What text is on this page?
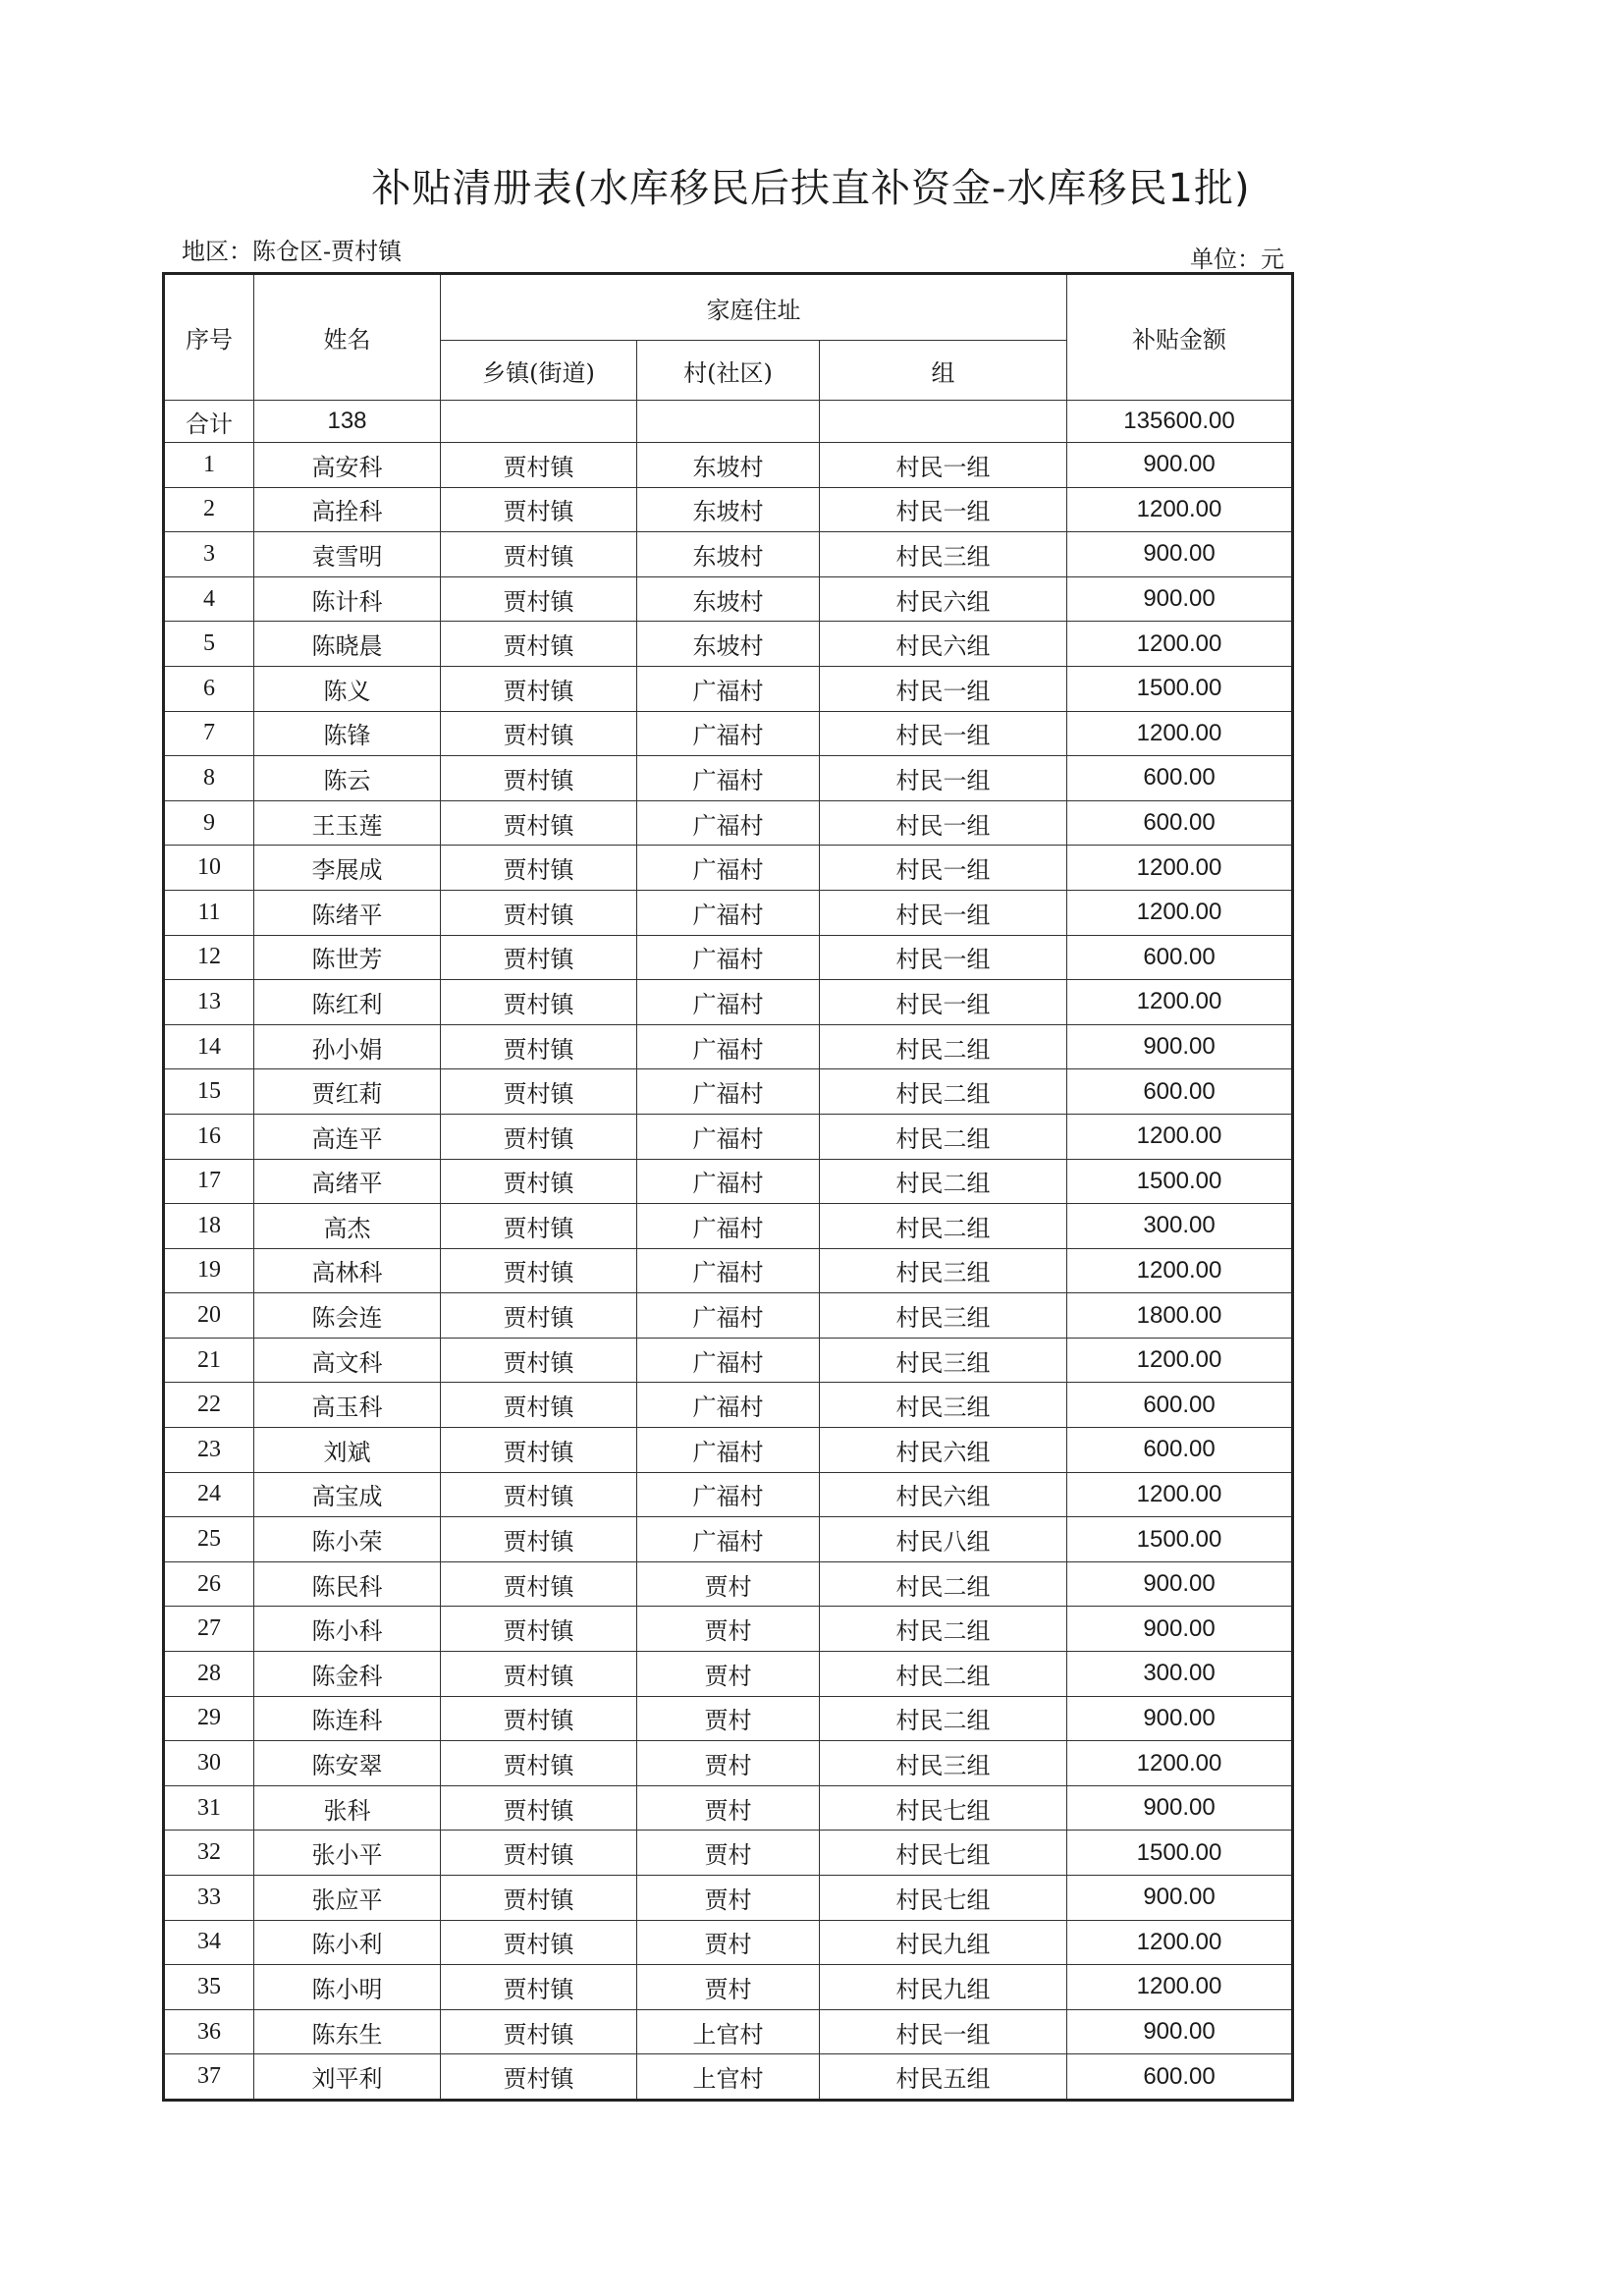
补贴清册表(水库移民后扶直补资金-水库移民1批)
地区：陈仓区-贾村镇	单位：元
序号	姓名	家庭住址			补贴金额
		乡镇(街道)	村(社区)	组	
合计	138				135600.00
1	高安科	贾村镇	东坡村	村民一组	900.00
2	高拴科	贾村镇	东坡村	村民一组	1200.00
3	袁雪明	贾村镇	东坡村	村民三组	900.00
4	陈计科	贾村镇	东坡村	村民六组	900.00
5	陈晓晨	贾村镇	东坡村	村民六组	1200.00
6	陈义	贾村镇	广福村	村民一组	1500.00
7	陈锋	贾村镇	广福村	村民一组	1200.00
8	陈云	贾村镇	广福村	村民一组	600.00
9	王玉莲	贾村镇	广福村	村民一组	600.00
10	李展成	贾村镇	广福村	村民一组	1200.00
11	陈绪平	贾村镇	广福村	村民一组	1200.00
12	陈世芳	贾村镇	广福村	村民一组	600.00
13	陈红利	贾村镇	广福村	村民一组	1200.00
14	孙小娟	贾村镇	广福村	村民二组	900.00
15	贾红莉	贾村镇	广福村	村民二组	600.00
16	高连平	贾村镇	广福村	村民二组	1200.00
17	高绪平	贾村镇	广福村	村民二组	1500.00
18	高杰	贾村镇	广福村	村民二组	300.00
19	高林科	贾村镇	广福村	村民三组	1200.00
20	陈会连	贾村镇	广福村	村民三组	1800.00
21	高文科	贾村镇	广福村	村民三组	1200.00
22	高玉科	贾村镇	广福村	村民三组	600.00
23	刘斌	贾村镇	广福村	村民六组	600.00
24	高宝成	贾村镇	广福村	村民六组	1200.00
25	陈小荣	贾村镇	广福村	村民八组	1500.00
26	陈民科	贾村镇	贾村	村民二组	900.00
27	陈小科	贾村镇	贾村	村民二组	900.00
28	陈金科	贾村镇	贾村	村民二组	300.00
29	陈连科	贾村镇	贾村	村民二组	900.00
30	陈安翠	贾村镇	贾村	村民三组	1200.00
31	张科	贾村镇	贾村	村民七组	900.00
32	张小平	贾村镇	贾村	村民七组	1500.00
33	张应平	贾村镇	贾村	村民七组	900.00
34	陈小利	贾村镇	贾村	村民九组	1200.00
35	陈小明	贾村镇	贾村	村民九组	1200.00
36	陈东生	贾村镇	上官村	村民一组	900.00
37	刘平利	贾村镇	上官村	村民五组	600.00
